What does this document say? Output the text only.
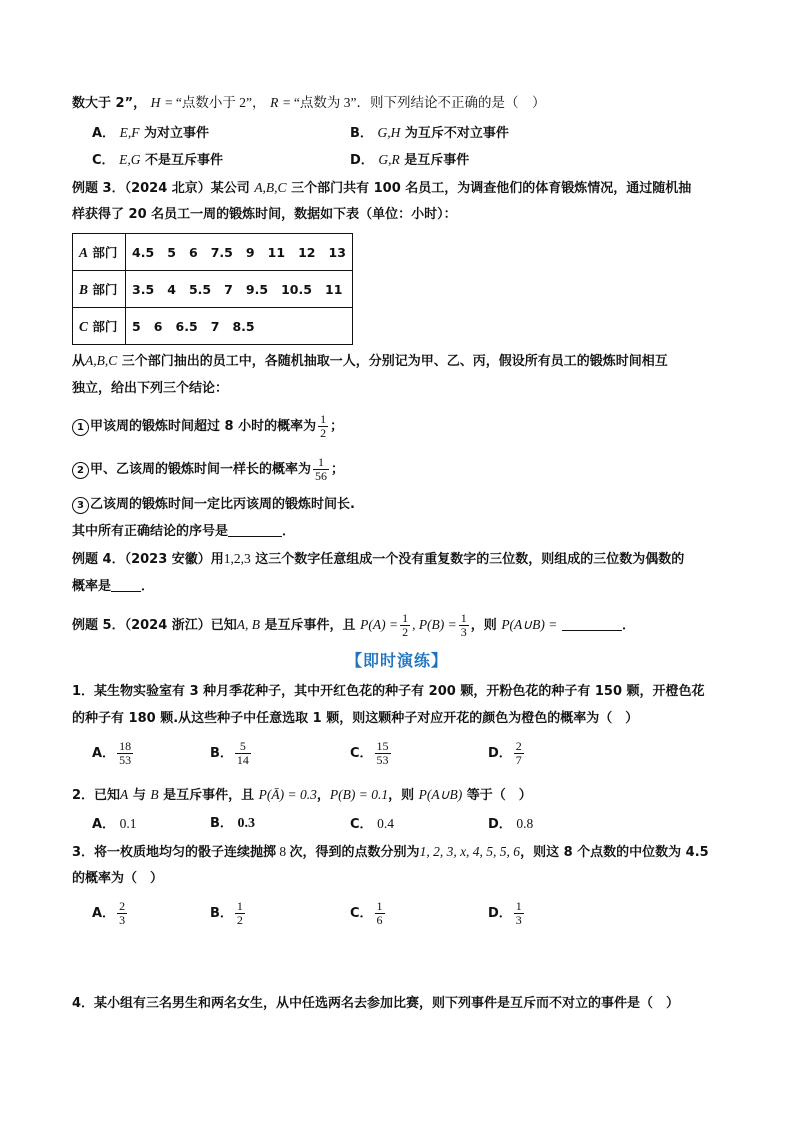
数大于 2”， H = “点数小于 2”， R = “点数为 3”．则下列结论不正确的是（　）
A． E,F 为对立事件	B． G,H 为互斥不对立事件
C． E,G 不是互斥事件	D． G,R 是互斥事件
例题 3．（2024 北京）某公司 A,B,C 三个部门共有 100 名员工，为调查他们的体育锻炼情况，通过随机抽
样获得了 20 名员工一周的锻炼时间，数据如下表（单位：小时）：
A 部门	4.5   5   6   7.5   9   11   12   13
B 部门	3.5   4   5.5   7   9.5   10.5   11
C 部门	5   6   6.5   7   8.5
从A,B,C 三个部门抽出的员工中，各随机抽取一人，分别记为甲、乙、丙，假设所有员工的锻炼时间相互
独立，给出下列三个结论：
1 甲该周的锻炼时间超过 8 小时的概率为 $\frac{1}{2}$ ；
2 甲、乙该周的锻炼时间一样长的概率为 $\frac{1}{56}$ ；
3 乙该周的锻炼时间一定比丙该周的锻炼时间长.
其中所有正确结论的序号是	．
例题 4．（2023 安徽）用1,2,3 这三个数字任意组成一个没有重复数字的三位数，则组成的三位数为偶数的
概率是 ．
例题 5．（2024 浙江）已知A, B 是互斥事件，且 $P(A) = \frac{1}{2}$ , $P(B) = \frac{1}{3}$ ，则 P(A∪B) =	．
【即时演练】
1．某生物实验室有 3 种月季花种子，其中开红色花的种子有 200 颗，开粉色花的种子有 150 颗，开橙色花
的种子有 180 颗.从这些种子中任意选取 1 颗，则这颗种子对应开花的颜色为橙色的概率为（　）
A． $\frac{18}{53}$	B． $\frac{5}{14}$	C． $\frac{15}{53}$	D． $\frac{2}{7}$
2．已知A 与 B 是互斥事件，且 P(Ā) = 0.3，P(B) = 0.1，则 P(A∪B) 等于（　）
A． 0.1	B． 0.3	C． 0.4	D． 0.8
3．将一枚质地均匀的骰子连续抛掷 8 次，得到的点数分别为1, 2, 3, x, 4, 5, 5, 6，则这 8 个点数的中位数为 4.5
的概率为（　）
A． $\frac{2}{3}$	B． $\frac{1}{2}$	C． $\frac{1}{6}$	D． $\frac{1}{3}$
4．某小组有三名男生和两名女生，从中任选两名去参加比赛，则下列事件是互斥而不对立的事件是（　）
